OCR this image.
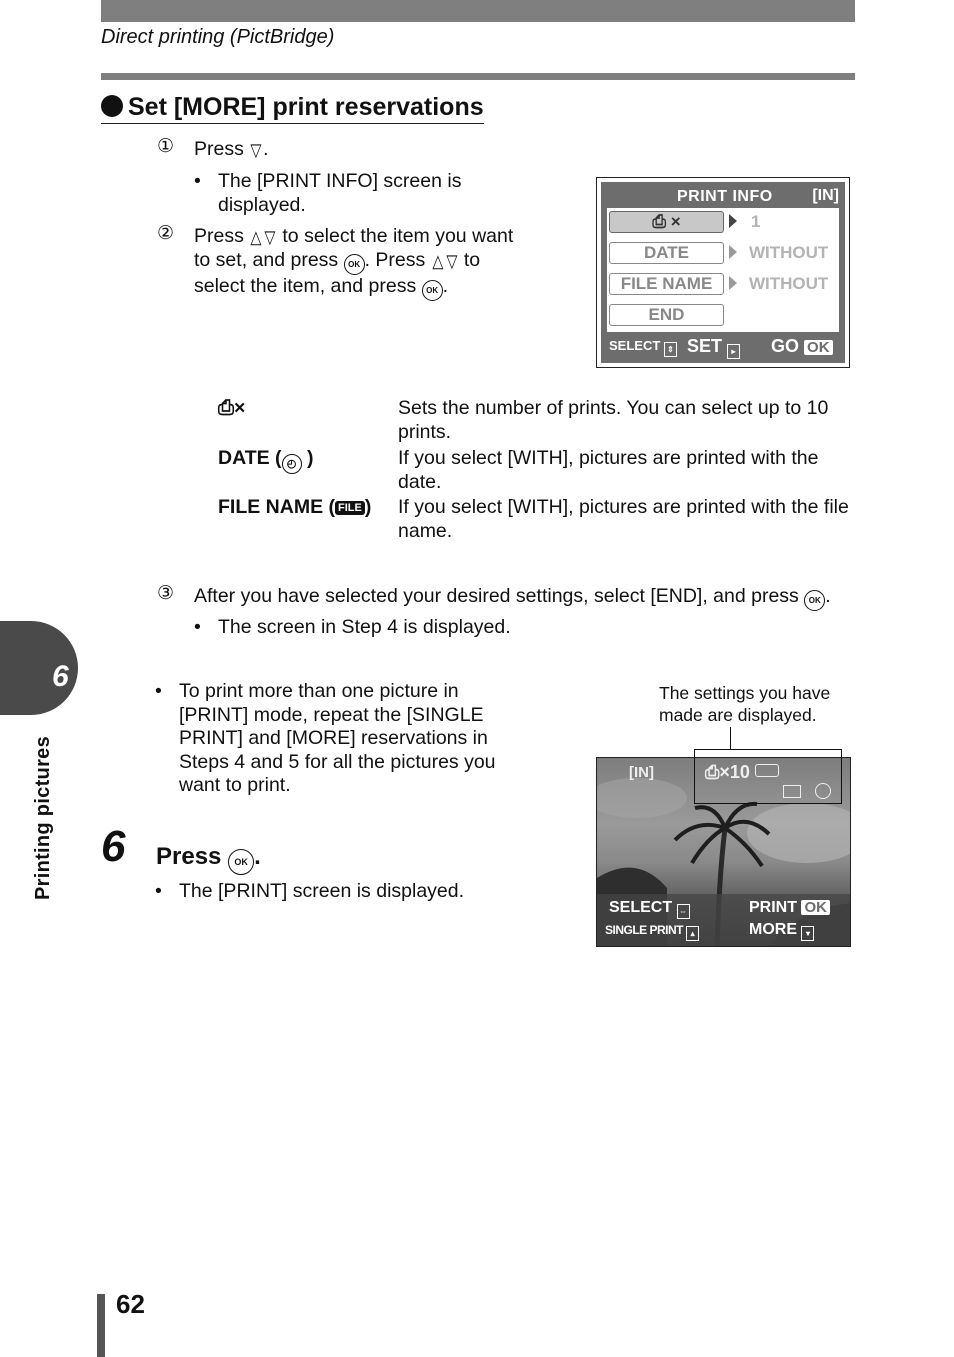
Direct printing (PictBridge)
Set [MORE] print reservations
① Press ▽.
• The [PRINT INFO] screen is displayed.
② Press △ ▽ to select the item you want
to set, and press OK . Press △ ▽ to
select the item, and press OK .
PRINT INFO [IN]
⎙ ×	1
DATE	WITHOUT
FILE NAME	WITHOUT
END
SELECT ⇕ SET ▸ GO OK
⎙×	Sets the number of prints. You can select up to 10 prints.
DATE ( ◴ )	If you select [WITH], pictures are printed with the date.
FILE NAME ( FILE ) If you select [WITH], pictures are printed with the file name.
③ After you have selected your desired settings, select [END], and press OK .
• The screen in Step 4 is displayed.
6
Printing pictures
• To print more than one picture in [PRINT] mode, repeat the [SINGLE PRINT] and [MORE] reservations in Steps 4 and 5 for all the pictures you want to print.
The settings you have made are displayed.
[IN]	⎙×10
SELECT ⇔
SINGLE PRINT ▴
PRINT OK
MORE ▾
6 Press OK .
• The [PRINT] screen is displayed.
62
